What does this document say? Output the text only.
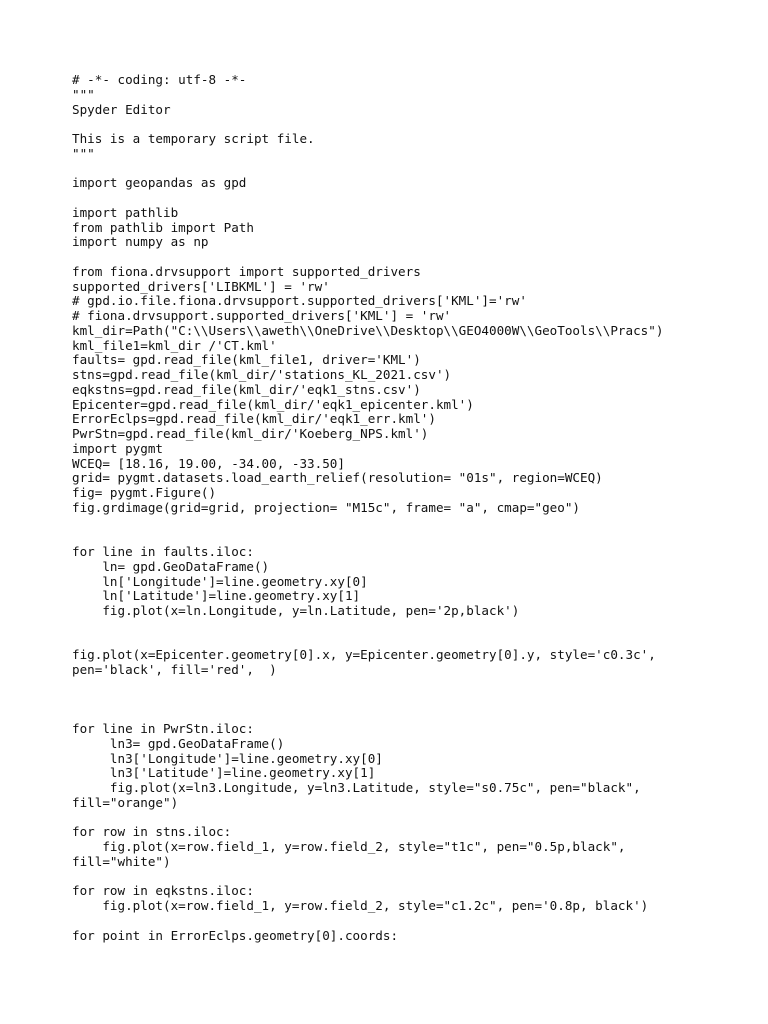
# -*- coding: utf-8 -*-
"""
Spyder Editor
This is a temporary script file.
"""
import geopandas as gpd
import pathlib
from pathlib import Path
import numpy as np
from fiona.drvsupport import supported_drivers
supported_drivers['LIBKML'] = 'rw'
# gpd.io.file.fiona.drvsupport.supported_drivers['KML']='rw'
# fiona.drvsupport.supported_drivers['KML'] = 'rw'
kml_dir=Path("C:\\Users\\aweth\\OneDrive\\Desktop\\GEO4000W\\GeoTools\\Pracs")
kml_file1=kml_dir /'CT.kml'
faults= gpd.read_file(kml_file1, driver='KML')
stns=gpd.read_file(kml_dir/'stations_KL_2021.csv')
eqkstns=gpd.read_file(kml_dir/'eqk1_stns.csv')
Epicenter=gpd.read_file(kml_dir/'eqk1_epicenter.kml')
ErrorEclps=gpd.read_file(kml_dir/'eqk1_err.kml')
PwrStn=gpd.read_file(kml_dir/'Koeberg_NPS.kml')
import pygmt
WCEQ= [18.16, 19.00, -34.00, -33.50]
grid= pygmt.datasets.load_earth_relief(resolution= "01s", region=WCEQ)
fig= pygmt.Figure()
fig.grdimage(grid=grid, projection= "M15c", frame= "a", cmap="geo")
for line in faults.iloc:
ln= gpd.GeoDataFrame()
ln['Longitude']=line.geometry.xy[0]
ln['Latitude']=line.geometry.xy[1]
fig.plot(x=ln.Longitude, y=ln.Latitude, pen='2p,black')
fig.plot(x=Epicenter.geometry[0].x, y=Epicenter.geometry[0].y, style='c0.3c',
pen='black', fill='red',  )
for line in PwrStn.iloc:
ln3= gpd.GeoDataFrame()
ln3['Longitude']=line.geometry.xy[0]
ln3['Latitude']=line.geometry.xy[1]
fig.plot(x=ln3.Longitude, y=ln3.Latitude, style="s0.75c", pen="black",
fill="orange")
for row in stns.iloc:
fig.plot(x=row.field_1, y=row.field_2, style="t1c", pen="0.5p,black",
fill="white")
for row in eqkstns.iloc:
fig.plot(x=row.field_1, y=row.field_2, style="c1.2c", pen='0.8p, black')
for point in ErrorEclps.geometry[0].coords:
